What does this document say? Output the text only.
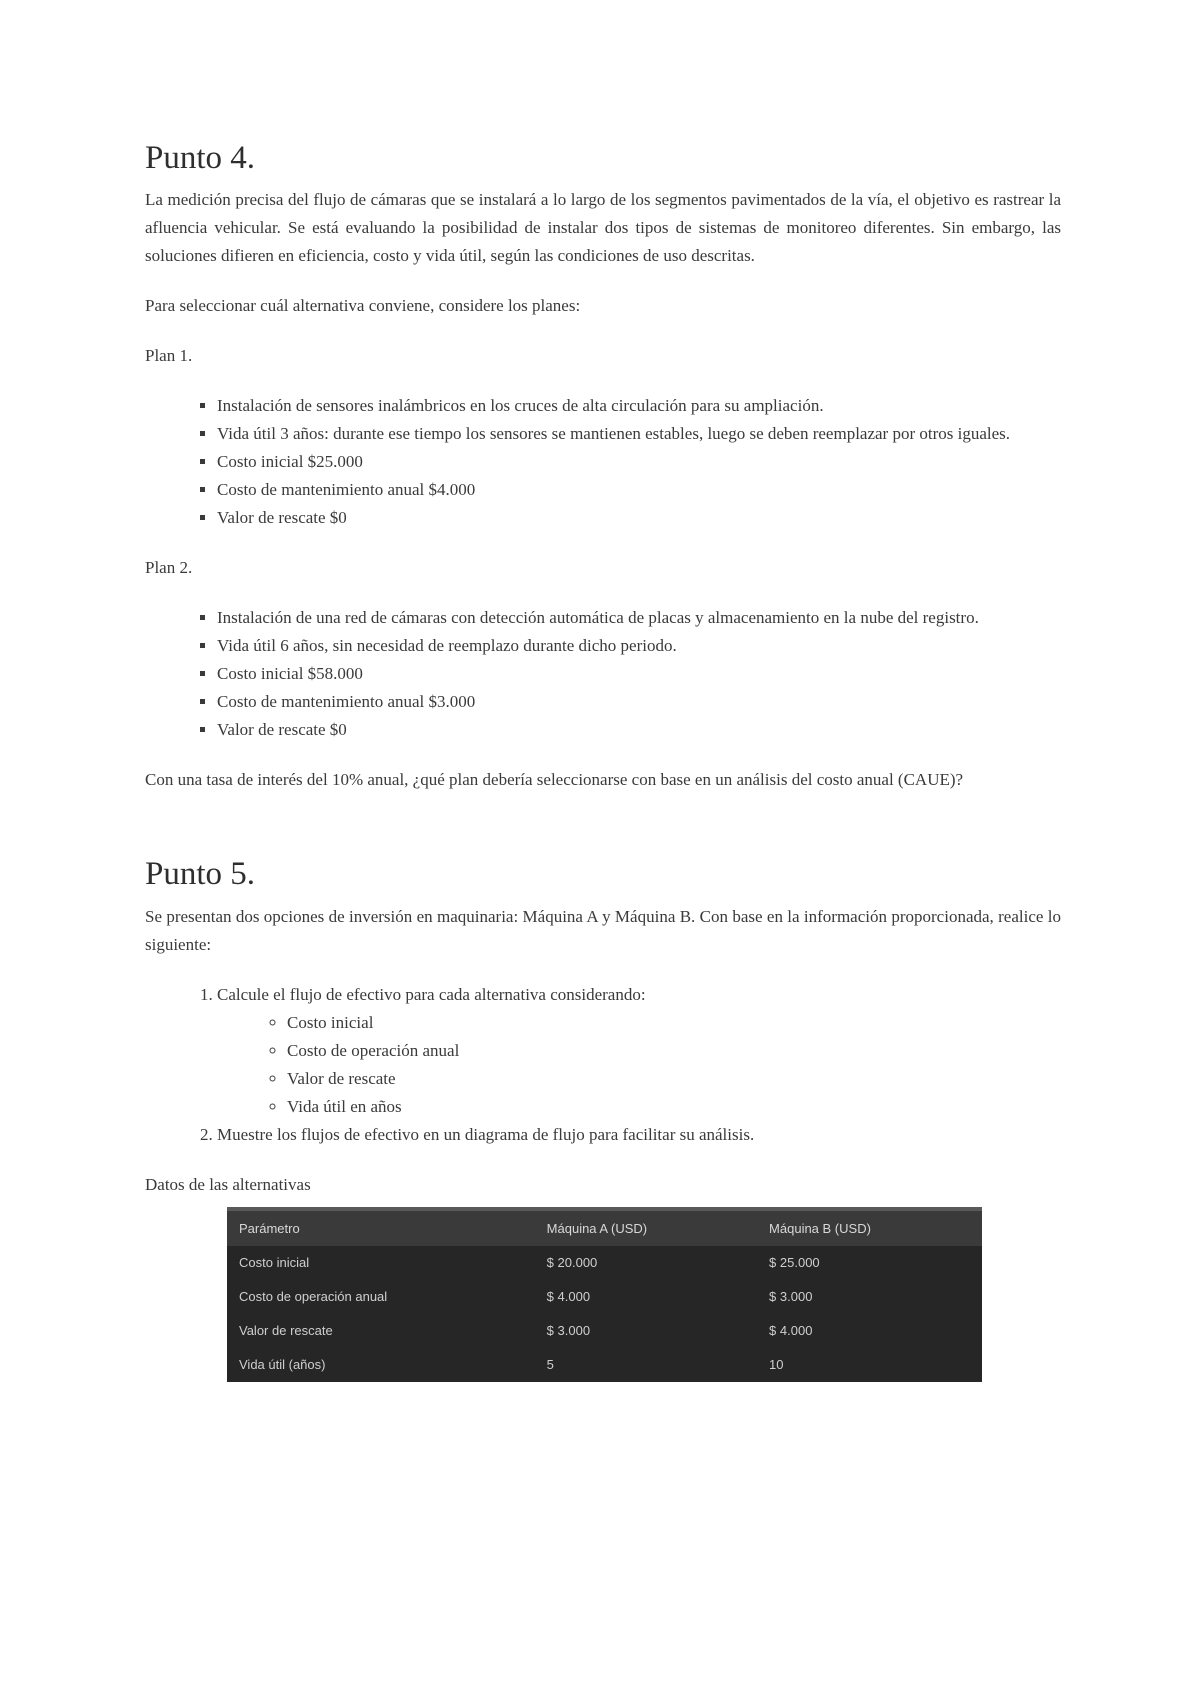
Punto 4.

La medición precisa del flujo de cámaras que se instalará a lo largo de los segmentos pavimentados de la vía, el objetivo es rastrear la afluencia vehicular. Se está evaluando la posibilidad de instalar dos tipos de sistemas de monitoreo diferentes. Sin embargo, las soluciones difieren en eficiencia, costo y vida útil, según las condiciones de uso descritas.

Para seleccionar cuál alternativa conviene, considere los planes:

Plan 1.

▪ Instalación de sensores inalámbricos en los cruces de alta circulación para su ampliación.
▪ Vida útil 3 años: durante ese tiempo los sensores se mantienen estables, luego se deben reemplazar por otros iguales.
▪ Costo inicial $25.000
▪ Costo de mantenimiento anual $4.000
▪ Valor de rescate $0

Plan 2.

▪ Instalación de una red de cámaras con detección automática de placas y almacenamiento en la nube del registro.
▪ Vida útil 6 años, sin necesidad de reemplazo durante dicho periodo.
▪ Costo inicial $58.000
▪ Costo de mantenimiento anual $3.000
▪ Valor de rescate $0

Con una tasa de interés del 10% anual, ¿qué plan debería seleccionarse con base en un análisis del costo anual (CAUE)?

Punto 5.

Se presentan dos opciones de inversión en maquinaria: Máquina A y Máquina B. Con base en la información proporcionada, realice lo siguiente:

1. Calcule el flujo de efectivo para cada alternativa considerando:
◦ Costo inicial
◦ Costo de operación anual
◦ Valor de rescate
◦ Vida útil en años
2. Muestre los flujos de efectivo en un diagrama de flujo para facilitar su análisis.

Datos de las alternativas

Parámetro	Máquina A (USD)	Máquina B (USD)
Costo inicial	$ 20.000	$ 25.000
Costo de operación anual	$ 4.000	$ 3.000
Valor de rescate	$ 3.000	$ 4.000
Vida útil (años)	5	10
